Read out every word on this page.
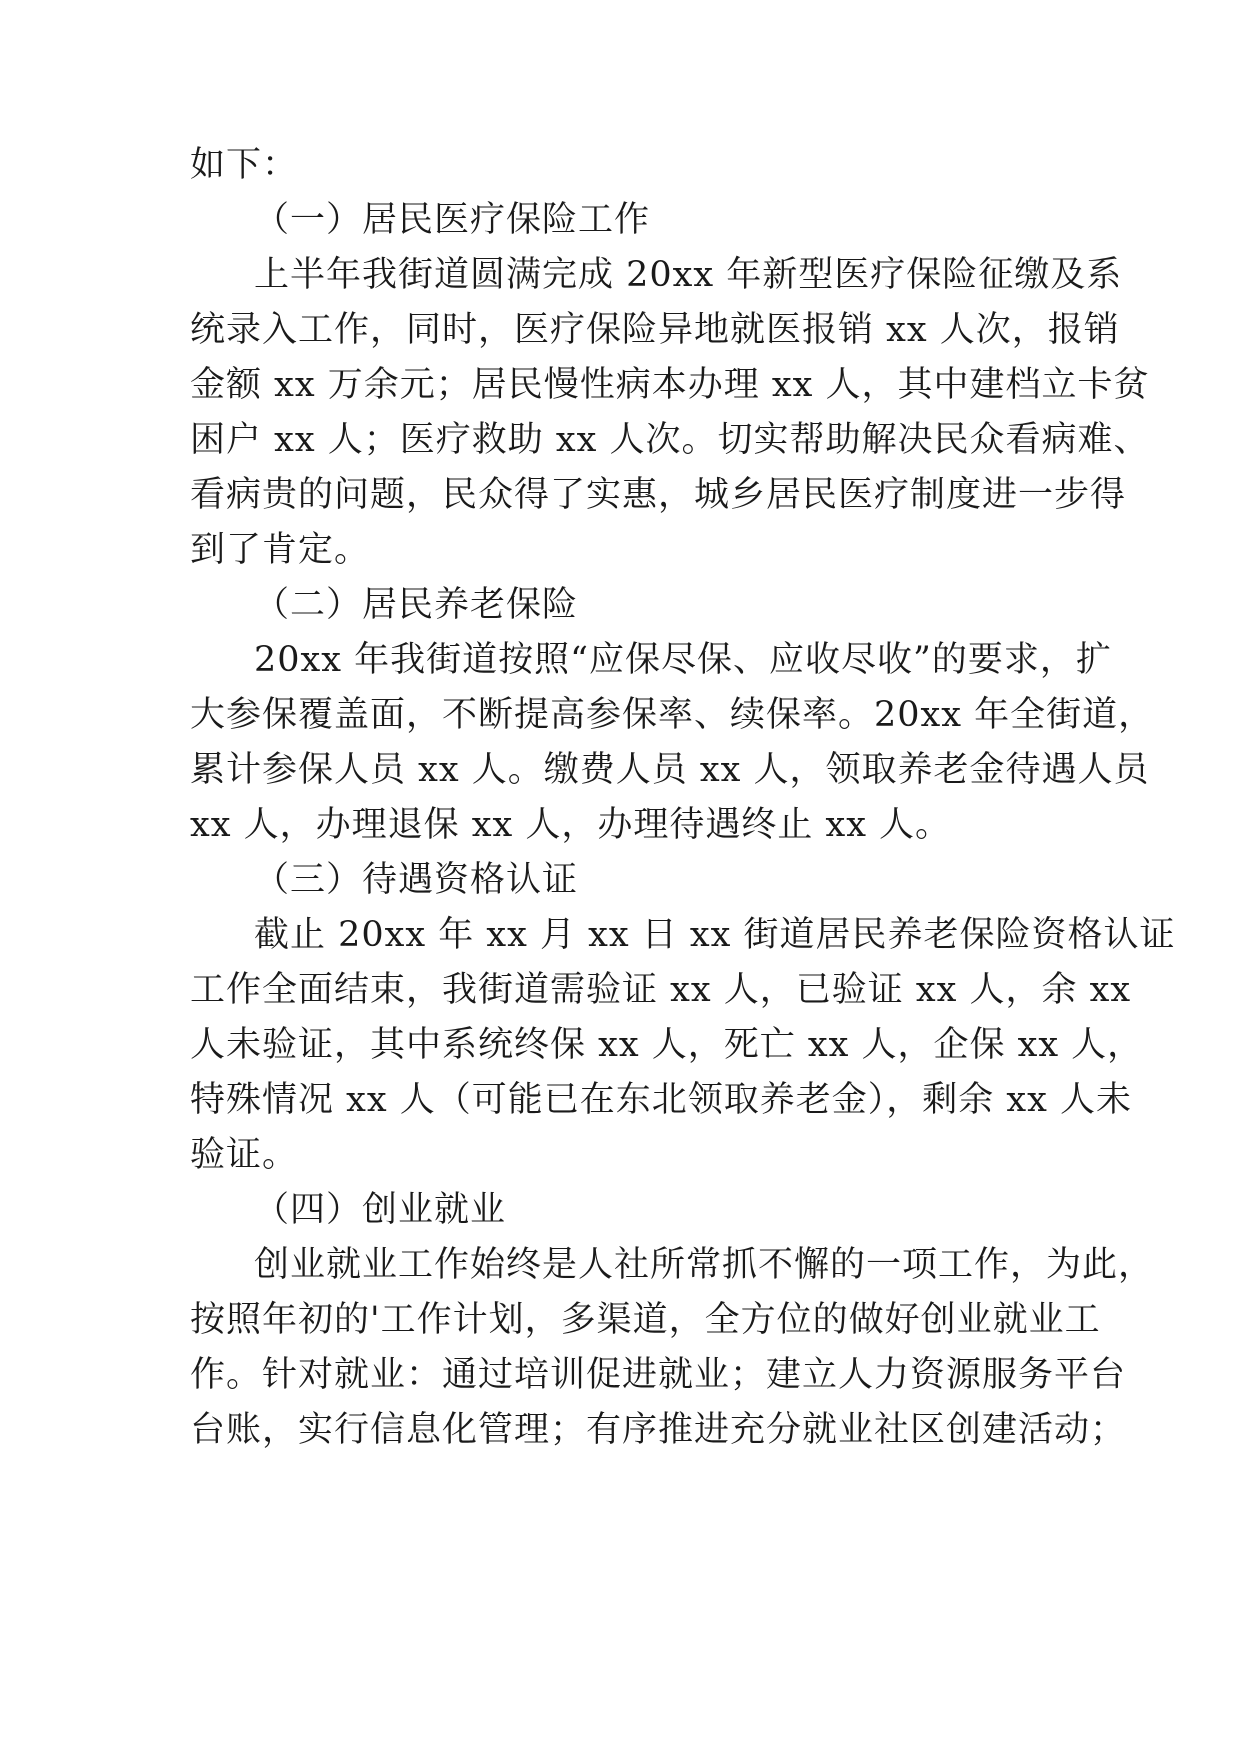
如下：
（一）居民医疗保险工作
上半年我街道圆满完成 20xx 年新型医疗保险征缴及系
统录入工作，同时，医疗保险异地就医报销 xx 人次，报销
金额 xx 万余元；居民慢性病本办理 xx 人，其中建档立卡贫
困户 xx 人；医疗救助 xx 人次。切实帮助解决民众看病难、
看病贵的问题，民众得了实惠，城乡居民医疗制度进一步得
到了肯定。
（二）居民养老保险
20xx 年我街道按照“应保尽保、应收尽收”的要求，扩
大参保覆盖面，不断提高参保率、续保率。20xx 年全街道，
累计参保人员 xx 人。缴费人员 xx 人，领取养老金待遇人员
xx 人，办理退保 xx 人，办理待遇终止 xx 人。
（三）待遇资格认证
截止 20xx 年 xx 月 xx 日 xx 街道居民养老保险资格认证
工作全面结束，我街道需验证 xx 人，已验证 xx 人，余 xx
人未验证，其中系统终保 xx 人，死亡 xx 人，企保 xx 人，
特殊情况 xx 人（可能已在东北领取养老金），剩余 xx 人未
验证。
（四）创业就业
创业就业工作始终是人社所常抓不懈的一项工作，为此，
按照年初的'工作计划，多渠道，全方位的做好创业就业工
作。针对就业：通过培训促进就业；建立人力资源服务平台
台账，实行信息化管理；有序推进充分就业社区创建活动；
